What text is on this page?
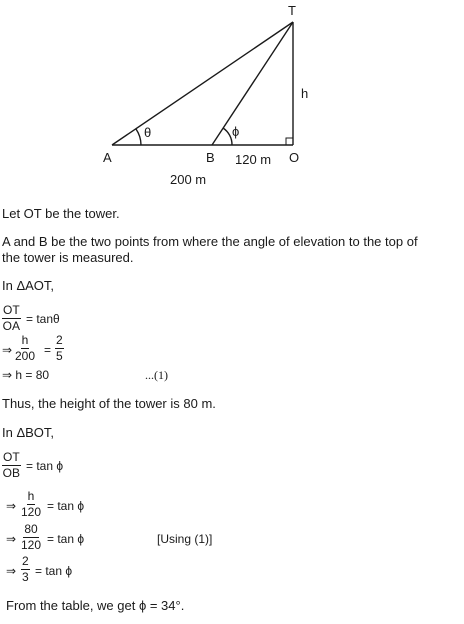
T
A	B	O
h
θ	ϕ
120 m
200 m
Let OT be the tower.
A and B be the two points from where the angle of elevation to the top of
the tower is measured.
In ΔAOT,
$\frac{OT}{OA} = \tan\theta$
⇒ $\frac{h}{200} = \frac{2}{5}$
⇒ h = 80	...(1)
Thus, the height of the tower is 80 m.
In ΔBOT,
$\frac{OT}{OB} = \tan \phi$
⇒ $\frac{h}{120} = \tan \phi$
⇒ $\frac{80}{120} = \tan \phi$	[Using (1)]
⇒ $\frac{2}{3} = \tan \phi$
From the table, we get ϕ = 34°.
